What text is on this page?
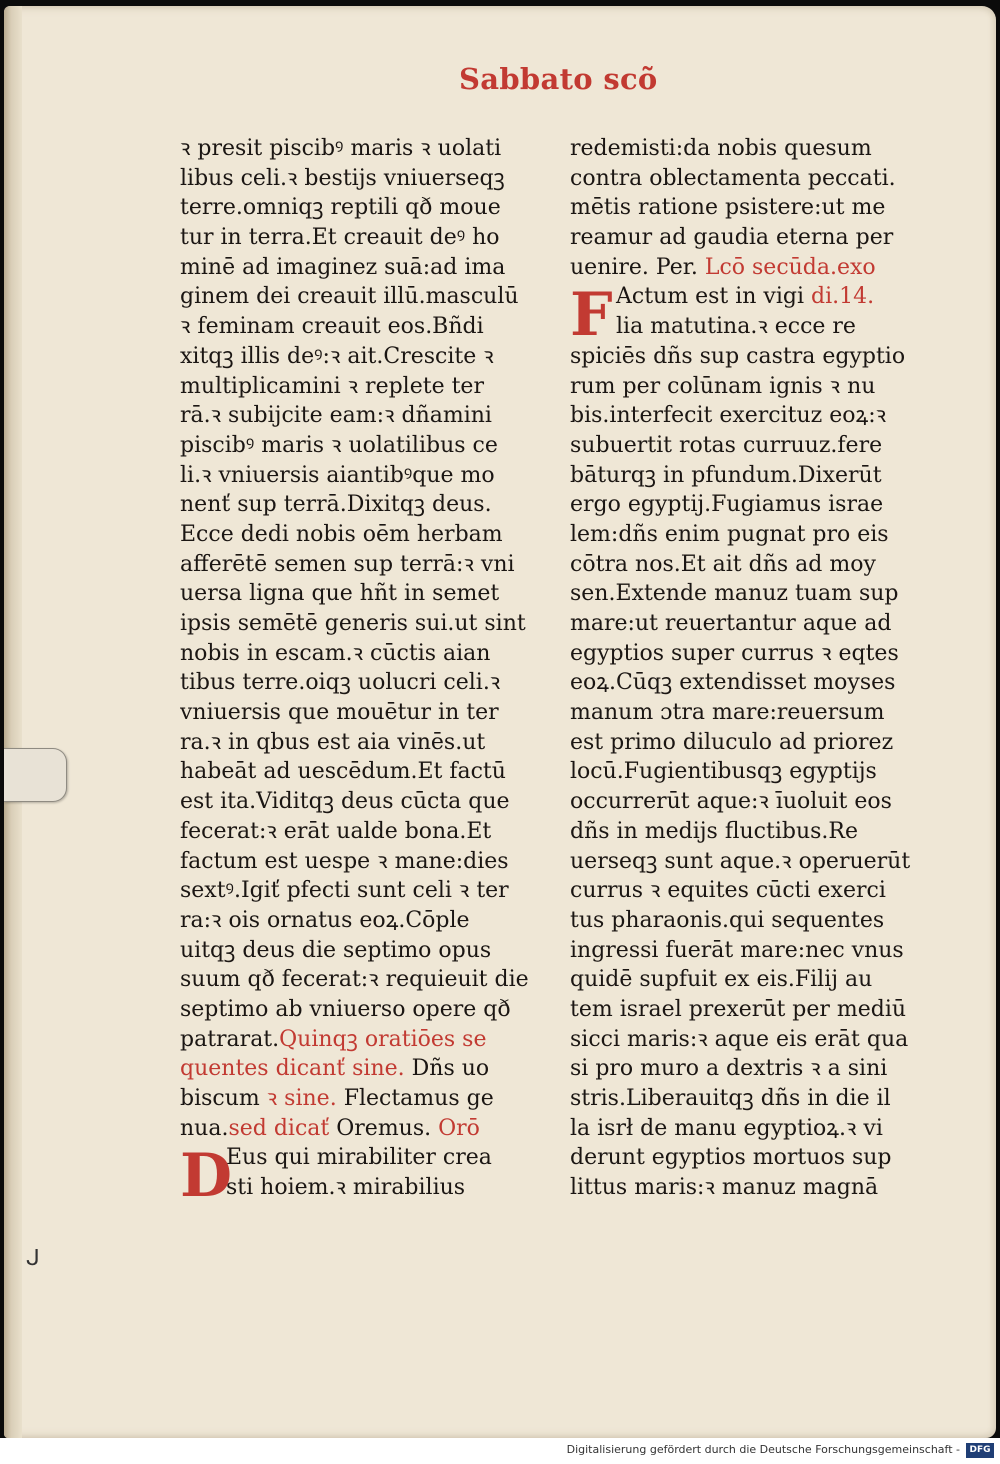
ᒍ
Sabbato scõ
ꝛ presit piscibꝰ maris ꝛ uolati
libus celi.ꝛ bestijs vniuerseqꝫ
terre.omniqꝫ reptili qð moue
tur in terra.Et creauit deꝰ ho
minē ad imaginez suā:ad ima
ginem dei creauit illū.masculū
ꝛ feminam creauit eos.Bñdi
xitqꝫ illis deꝰ:ꝛ ait.Crescite ꝛ
multiplicamini ꝛ replete ter
rā.ꝛ subijcite eam:ꝛ dñamini
piscibꝰ maris ꝛ uolatilibus ce
li.ꝛ vniuersis aiantibꝰque mo
nenť sup terrā.Dixitqꝫ deus.
Ecce dedi nobis oēm herbam
afferētē semen sup terrā:ꝛ vni
uersa ligna que hñt in semet
ipsis semētē generis sui.ut sint
nobis in escam.ꝛ cūctis aian
tibus terre.oiqꝫ uolucri celi.ꝛ
vniuersis que mouētur in ter
ra.ꝛ in qbus est aia vinēs.ut
habeāt ad uescēdum.Et factū
est ita.Viditqꝫ deus cūcta que
fecerat:ꝛ erāt ualde bona.Et
factum est uespe ꝛ mane:dies
sextꝰ.Igiť pfecti sunt celi ꝛ ter
ra:ꝛ ois ornatus eoꝝ.Cōple
uitqꝫ deus die septimo opus
suum qð fecerat:ꝛ requieuit die
septimo ab vniuerso opere qð
patrarat.Quinqꝫ oratiōes se
quentes dicanť sine. Dñs uo
biscum ꝛ sine. Flectamus ge
nua.sed dicať Oremus. Orō
Eus qui mirabiliter crea
sti hoiem.ꝛ mirabilius
D
redemisti:da nobis quesum
contra oblectamenta peccati.
mētis ratione psistere:ut me
reamur ad gaudia eterna per
uenire. Per. Lcō secūda.exo
Actum est in vigi di.14.
lia matutina.ꝛ ecce re
spiciēs dñs sup castra egyptio
rum per colūnam ignis ꝛ nu
bis.interfecit exercituz eoꝝ:ꝛ
subuertit rotas curruuz.fere
bāturqꝫ in pfundum.Dixerūt
ergo egyptij.Fugiamus israe
lem:dñs enim pugnat pro eis
cōtra nos.Et ait dñs ad moy
sen.Extende manuz tuam sup
mare:ut reuertantur aque ad
egyptios super currus ꝛ eqtes
eoꝝ.Cūqꝫ extendisset moyses
manum ɔtra mare:reuersum
est primo diluculo ad priorez
locū.Fugientibusqꝫ egyptijs
occurrerūt aque:ꝛ īuoluit eos
dñs in medijs fluctibus.Re
uerseqꝫ sunt aque.ꝛ operuerūt
currus ꝛ equites cūcti exerci
tus pharaonis.qui sequentes
ingressi fuerāt mare:nec vnus
quidē supfuit ex eis.Filij au
tem israel prexerūt per mediū
sicci maris:ꝛ aque eis erāt qua
si pro muro a dextris ꝛ a sini
stris.Liberauitqꝫ dñs in die il
la isrł de manu egyptioꝝ.ꝛ vi
derunt egyptios mortuos sup
littus maris:ꝛ manuz magnā
F
Digitalisierung gefördert durch die Deutsche Forschungsgemeinschaft -	DFG
